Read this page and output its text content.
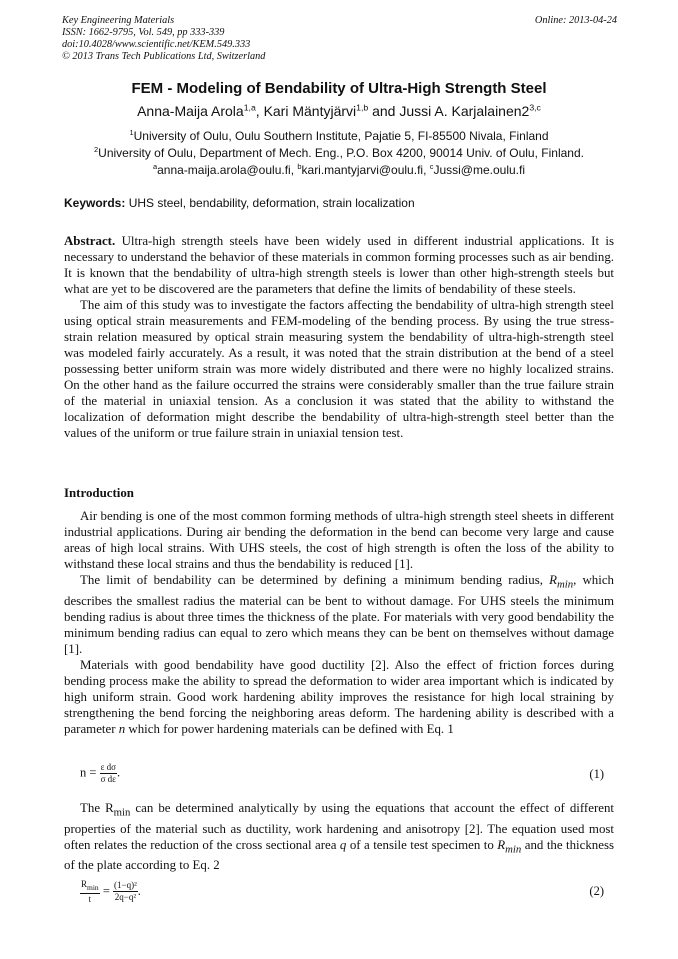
Key Engineering Materials
ISSN: 1662-9795, Vol. 549, pp 333-339
doi:10.4028/www.scientific.net/KEM.549.333
© 2013 Trans Tech Publications Ltd, Switzerland
Online: 2013-04-24
FEM - Modeling of Bendability of Ultra-High Strength Steel
Anna-Maija Arola$^{1,a}$, Kari Mäntyjärvi$^{1,b}$ and Jussi A. Karjalainen2$^{3,c}$
$^1$University of Oulu, Oulu Southern Institute, Pajatie 5, FI-85500 Nivala, Finland
$^2$University of Oulu, Department of Mech. Eng., P.O. Box 4200, 90014 Univ. of Oulu, Finland.
$^a$anna-maija.arola@oulu.fi, $^b$kari.mantyjarvi@oulu.fi, $^c$Jussi@me.oulu.fi
Keywords: UHS steel, bendability, deformation, strain localization

Abstract. Ultra-high strength steels have been widely used in different industrial applications. It is necessary to understand the behavior of these materials in common forming processes such as air bending. It is known that the bendability of ultra-high strength steels is lower than other high-strength steels but what are yet to be discovered are the parameters that define the limits of bendability of these steels.

The aim of this study was to investigate the factors affecting the bendability of ultra-high strength steel using optical strain measurements and FEM-modeling of the bending process. By using the true stress- strain relation measured by optical strain measuring system the bendability of ultra-high-strength steel was modeled fairly accurately. As a result, it was noted that the strain distribution at the bend of a steel possessing better uniform strain was more widely distributed and there were no highly localized strains. On the other hand as the failure occurred the strains were considerably smaller than the true failure strain of the material in uniaxial tension. As a conclusion it was stated that the ability to withstand the localization of deformation might describe the bendability of ultra-high-strength steel better than the values of the uniform or true failure strain in uniaxial tension test.

Introduction

Air bending is one of the most common forming methods of ultra-high strength steel sheets in different industrial applications. During air bending the deformation in the bend can become very large and cause areas of high local strains. With UHS steels, the cost of high strength is often the loss of the ability to withstand these local strains and thus the bendability is reduced [1].

The limit of bendability can be determined by defining a minimum bending radius, $R_{min}$, which describes the smallest radius the material can be bent to without damage. For UHS steels the minimum bending radius is about three times the thickness of the plate. For materials with very good bendability the minimum bending radius can equal to zero which means they can be bent on themselves without damage [1].

Materials with good bendability have good ductility [2]. Also the effect of friction forces during bending process make the ability to spread the deformation to wider area important which is indicated by high uniform strain. Good work hardening ability improves the resistance for high local straining by strengthening the bend forcing the neighboring areas deform. The hardening ability is described with a parameter n which for power hardening materials can be defined with Eq. 1

$n = \frac{\text{ε dσ}}{\text{σ dε}}$ .	(1)

The $R_{min}$ can be determined analytically by using the equations that account the effect of different properties of the material such as ductility, work hardening and anisotropy [2]. The equation used most often relates the reduction of the cross sectional area q of a tensile test specimen to $R_{min}$ and the thickness of the plate according to Eq. 2

$\frac{R_{min}}{t} = \frac{\text{(1−q)²}}{\text{2q−q²}}$ .	(2)
